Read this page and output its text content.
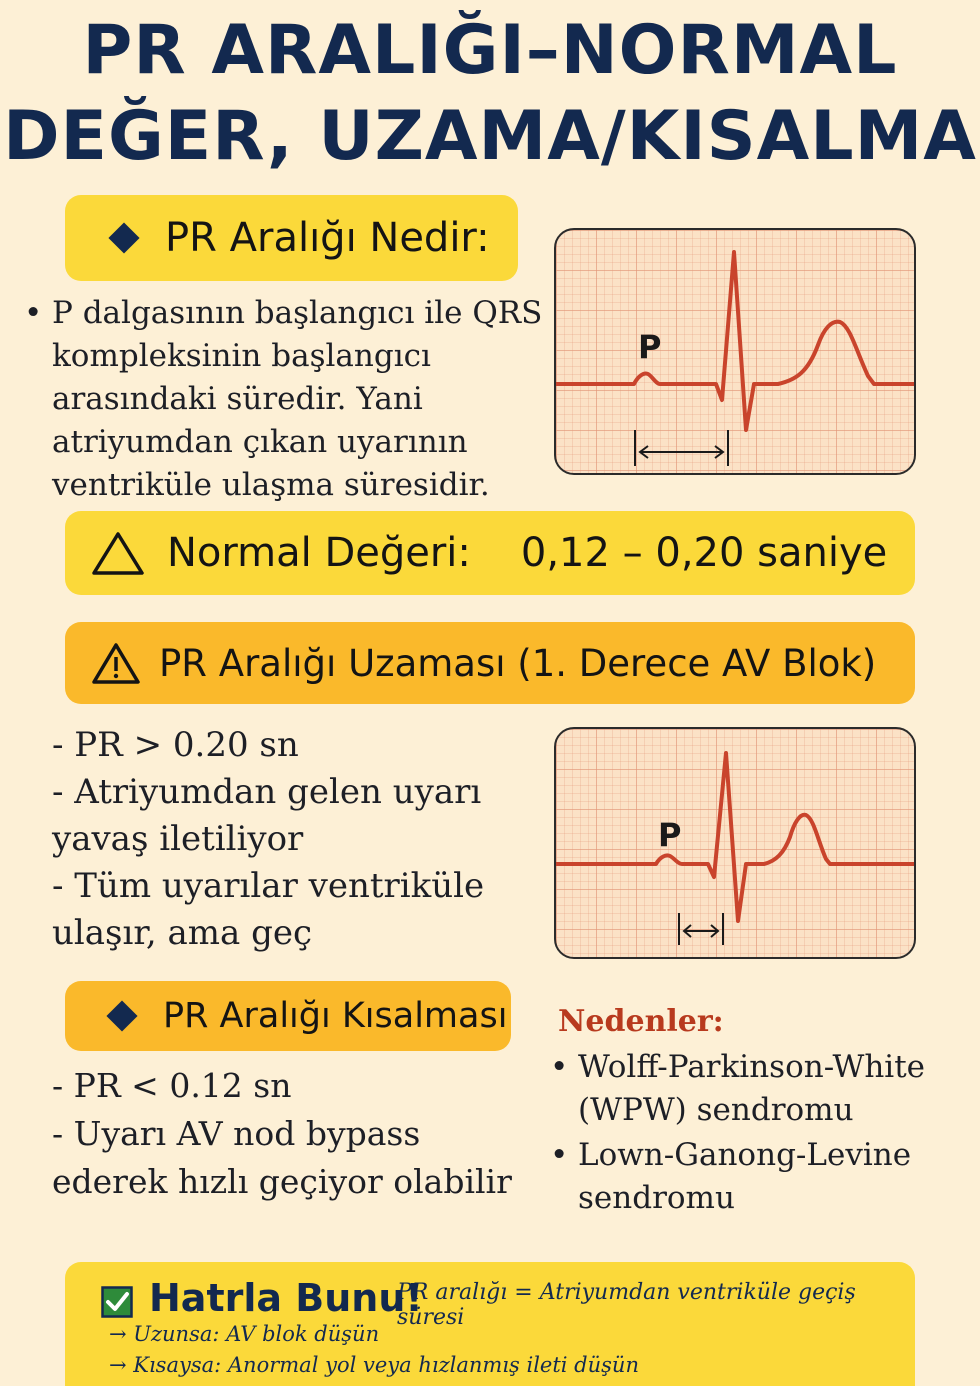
PR ARALIĞI–NORMAL
DEĞER, UZAMA/KISALMA
PR Aralığı Nedir:
• P dalgasının başlangıcı ile QRS kompleksinin başlangıcı arasındaki süredir. Yani atriyumdan çıkan uyarının ventriküle ulaşma süresidir.
P
Normal Değeri: 0,12 – 0,20 saniye
PR Aralığı Uzaması (1. Derece AV Blok)
- PR > 0.20 sn
- Atriyumdan gelen uyarı yavaş iletiliyor
- Tüm uyarılar ventriküle ulaşır, ama geç
P
PR Aralığı Kısalması
- PR < 0.12 sn
- Uyarı AV nod bypass ederek hızlı geçiyor olabilir
Nedenler:
• Wolff-Parkinson-White (WPW) sendromu
• Lown-Ganong-Levine sendromu
Hatrla Bunu!
PR aralığı = Atriyumdan ventriküle geçiş süresi
→ Uzunsa: AV blok düşün
→ Kısaysa: Anormal yol veya hızlanmış ileti düşün
